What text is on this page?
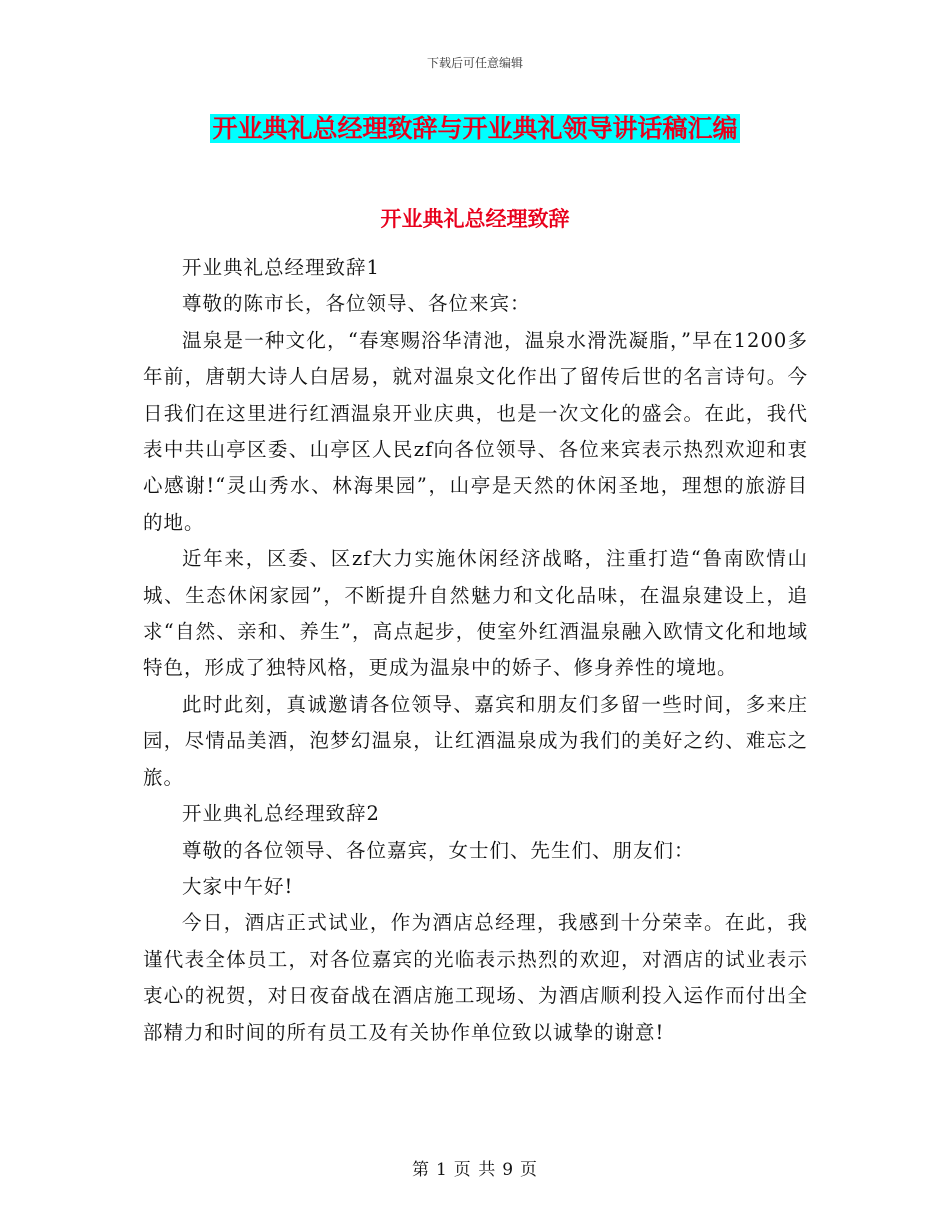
下载后可任意编辑
开业典礼总经理致辞与开业典礼领导讲话稿汇编
开业典礼总经理致辞

开业典礼总经理致辞1

尊敬的陈市长，各位领导、各位来宾：

温泉是一种文化，“春寒赐浴华清池，温泉水滑洗凝脂，”早在1200多年前，唐朝大诗人白居易，就对温泉文化作出了留传后世的名言诗句。今日我们在这里进行红酒温泉开业庆典，也是一次文化的盛会。在此，我代表中共山亭区委、山亭区人民zf向各位领导、各位来宾表示热烈欢迎和衷心感谢!“灵山秀水、林海果园”，山亭是天然的休闲圣地，理想的旅游目的地。

近年来，区委、区zf大力实施休闲经济战略，注重打造“鲁南欧情山城、生态休闲家园”，不断提升自然魅力和文化品味，在温泉建设上，追求“自然、亲和、养生”，高点起步，使室外红酒温泉融入欧情文化和地域特色，形成了独特风格，更成为温泉中的娇子、修身养性的境地。

此时此刻，真诚邀请各位领导、嘉宾和朋友们多留一些时间，多来庄园，尽情品美酒，泡梦幻温泉，让红酒温泉成为我们的美好之约、难忘之旅。

开业典礼总经理致辞2

尊敬的各位领导、各位嘉宾，女士们、先生们、朋友们：

大家中午好!

今日，酒店正式试业，作为酒店总经理，我感到十分荣幸。在此，我谨代表全体员工，对各位嘉宾的光临表示热烈的欢迎，对酒店的试业表示衷心的祝贺，对日夜奋战在酒店施工现场、为酒店顺利投入运作而付出全部精力和时间的所有员工及有关协作单位致以诚挚的谢意!

第 1 页 共 9 页
